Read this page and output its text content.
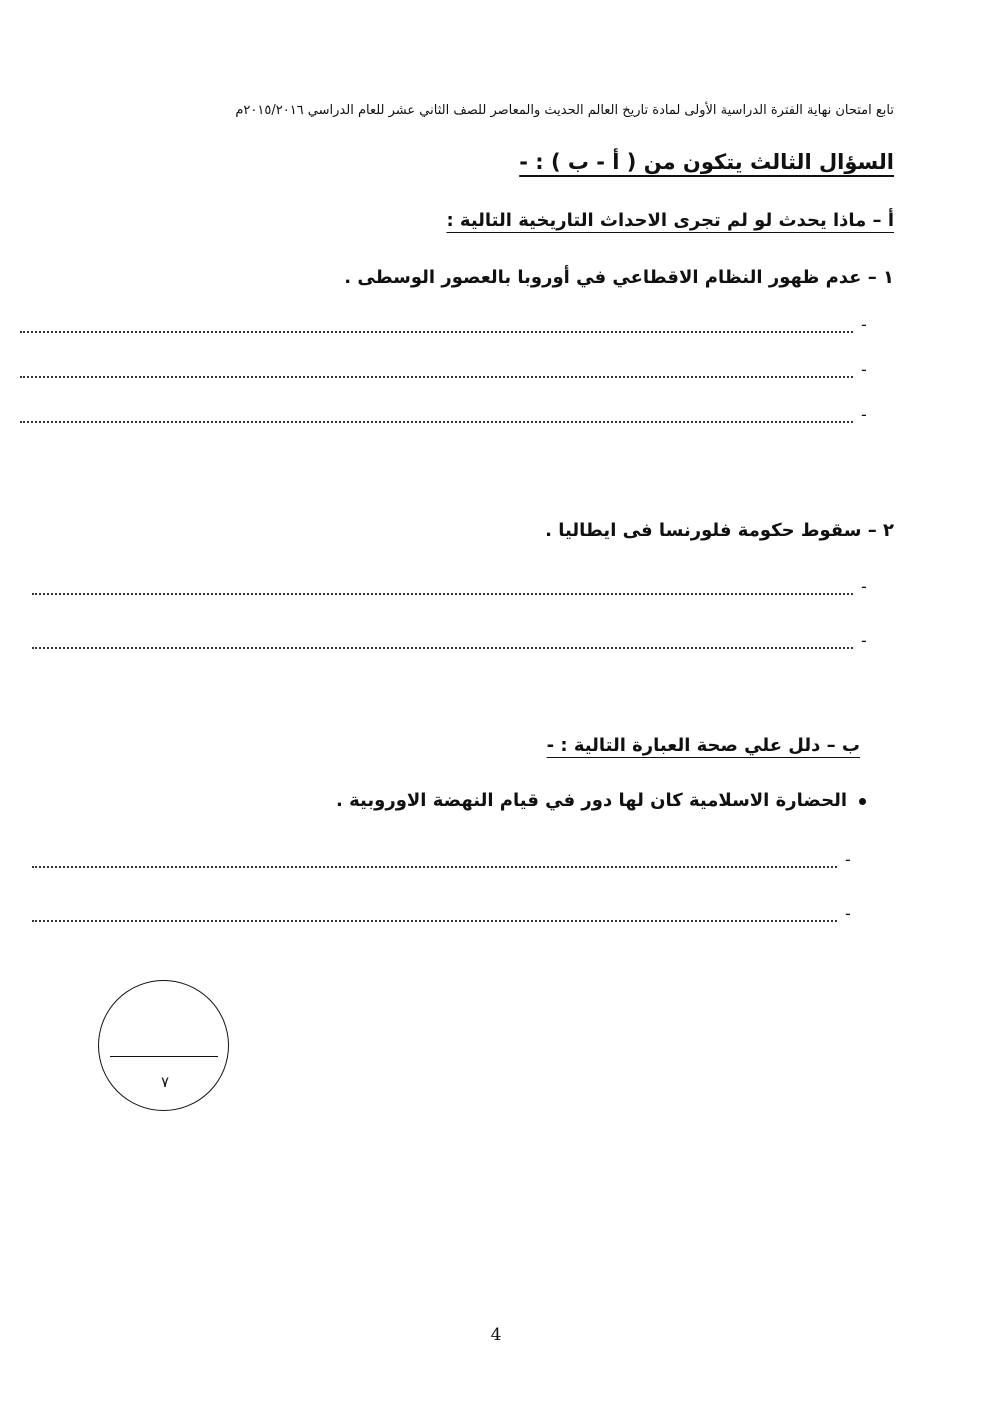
تابع امتحان نهاية الفترة الدراسية الأولى لمادة تاريخ العالم الحديث والمعاصر للصف الثاني عشر للعام الدراسي ٢٠١٥/٢٠١٦م
السؤال الثالث يتكون من ( أ - ب ) : -
أ – ماذا يحدث لو لم تجرى الاحداث التاريخية التالية :
١ – عدم ظهور النظام الاقطاعي في أوروبا بالعصور الوسطى .
-
-
-
٢ – سقوط حكومة فلورنسا فى ايطاليا .
-
-
ب – دلل علي صحة العبارة التالية : -
الحضارة الاسلامية كان لها دور في قيام النهضة الاوروبية .
-
-
٧
4
